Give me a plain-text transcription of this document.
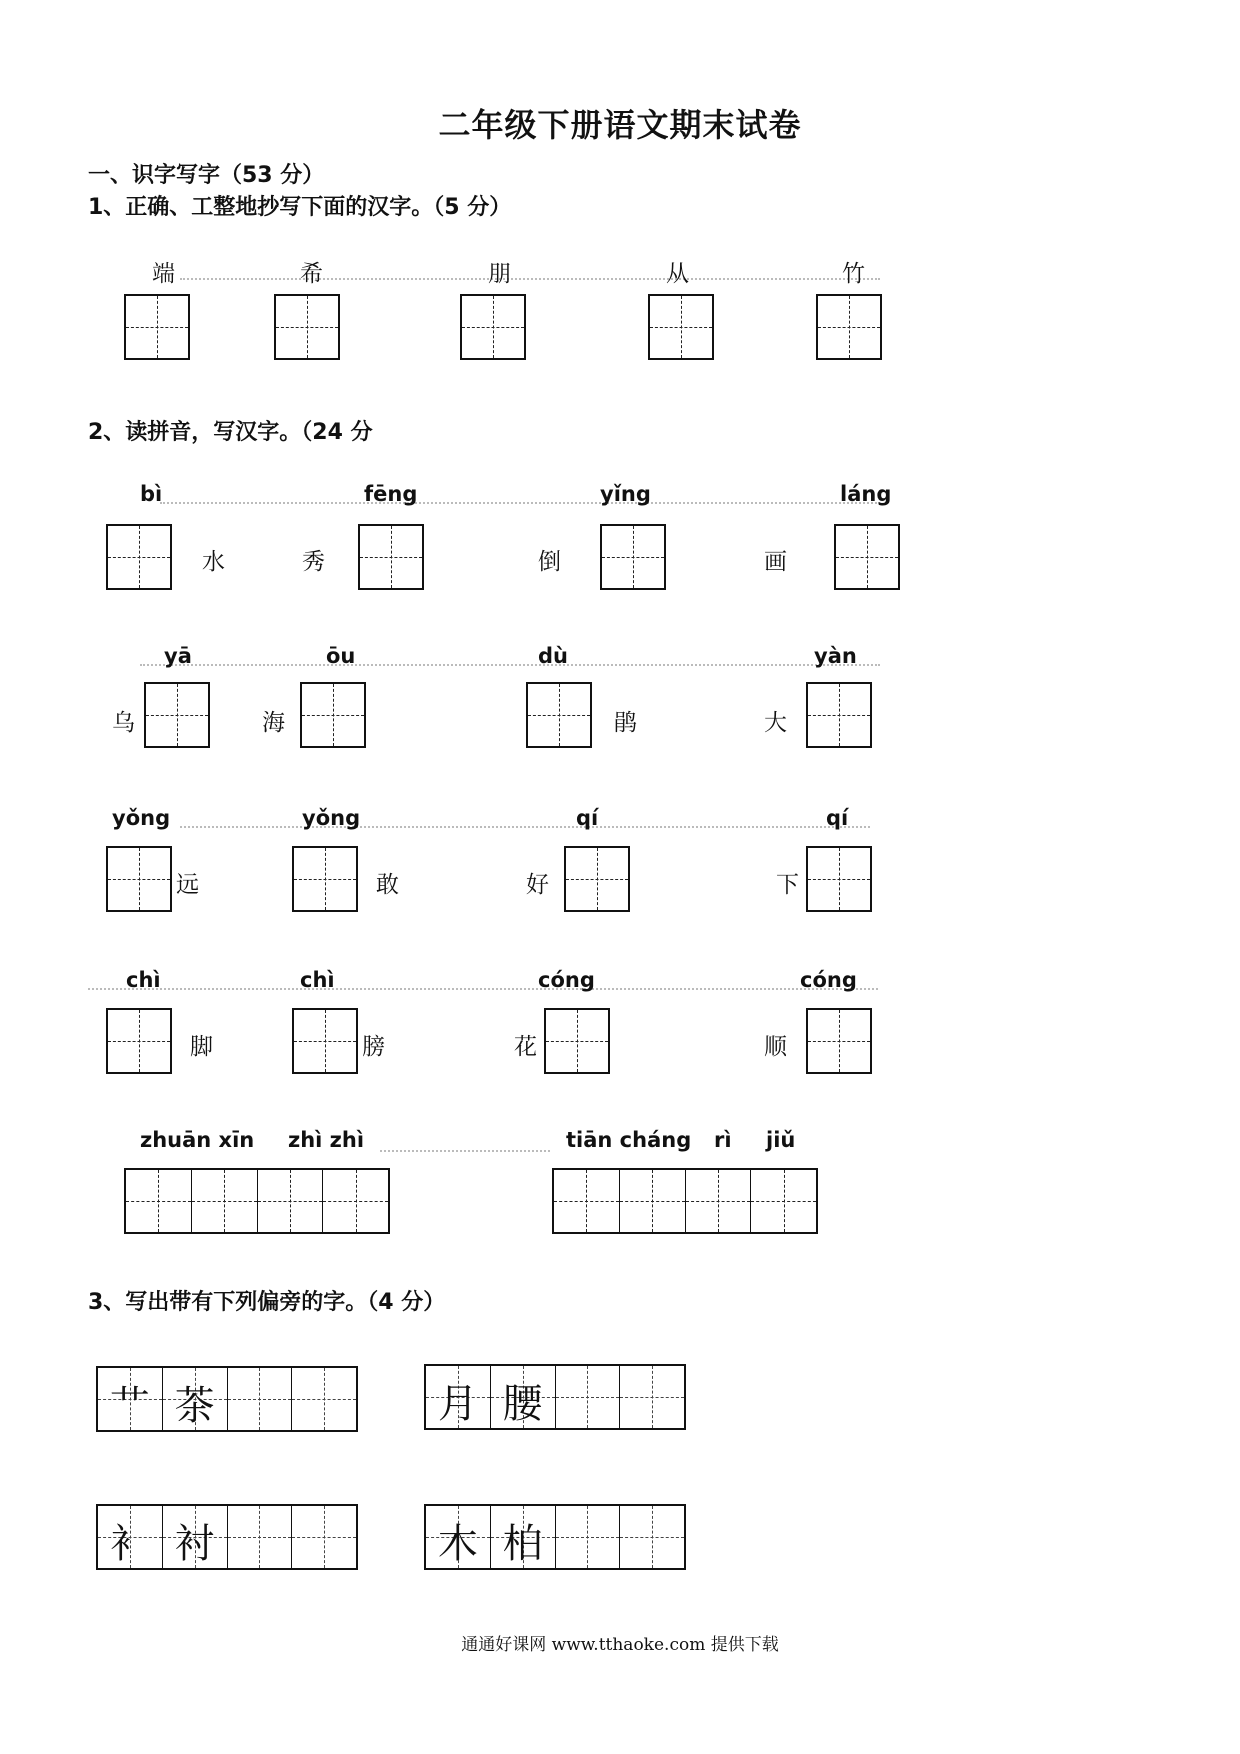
二年级下册语文期末试卷
一、识字写字（53 分）
1、正确、工整地抄写下面的汉字。（5 分）
端	希	朋	从	竹
2、读拼音，写汉字。（24 分
bì	fēng	yǐng	láng
水	秀	倒	画
yā	ōu	dù	yàn
乌	海	鹃	大
yǒng	yǒng	qí	qí
远	敢	好	下
chì	chì	cóng	cóng
脚	膀	花	顺
zhuān xīn zhì zhì	tiān cháng rì jiǔ
3、写出带有下列偏旁的字。（4 分）
艹 茶	月 腰
衤 衬	木 柏
通通好课网 www.tthaoke.com 提供下载
